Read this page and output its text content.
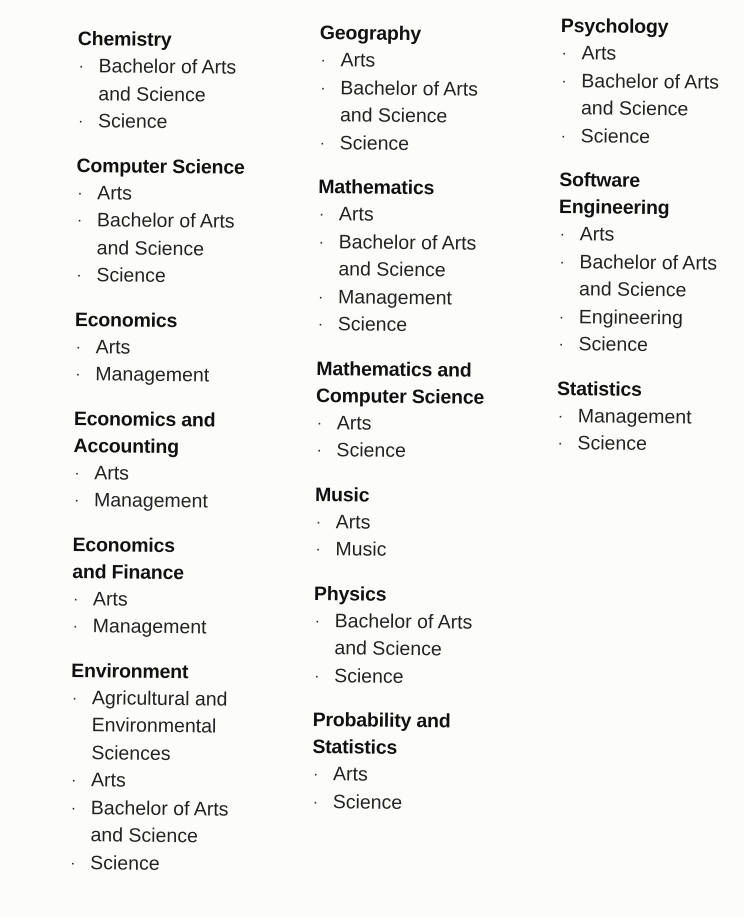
Chemistry
· Bachelor of Arts and Science
· Science
Computer Science
· Arts
· Bachelor of Arts and Science
· Science
Economics
· Arts
· Management
Economics and Accounting
· Arts
· Management
Economics and Finance
· Arts
· Management
Environment
· Agricultural and Environmental Sciences
· Arts
· Bachelor of Arts and Science
· Science
Geography
· Arts
· Bachelor of Arts and Science
· Science
Mathematics
· Arts
· Bachelor of Arts and Science
· Management
· Science
Mathematics and Computer Science
· Arts
· Science
Music
· Arts
· Music
Physics
· Bachelor of Arts and Science
· Science
Probability and Statistics
· Arts
· Science
Psychology
· Arts
· Bachelor of Arts and Science
· Science
Software Engineering
· Arts
· Bachelor of Arts and Science
· Engineering
· Science
Statistics
· Management
· Science
